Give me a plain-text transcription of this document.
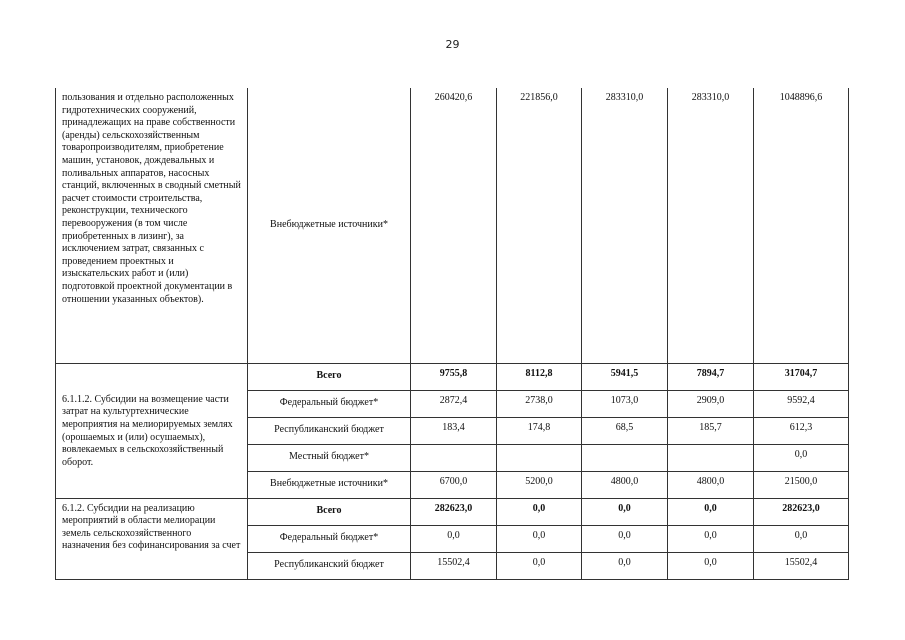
29
пользования и отдельно расположенных гидротехнических сооружений, принадлежащих на праве собственности (аренды) сельскохозяйственным товаропроизводителям, приобретение машин, установок, дождевальных и поливальных аппаратов, насосных станций, включенных в сводный сметный расчет стоимости строительства, реконструкции, технического перевооружения (в том числе приобретенных в лизинг), за исключением затрат, связанных с проведением проектных и изыскательских работ и (или) подготовкой проектной документации в отношении указанных объектов).	Внебюджетные источники*	260420,6	221856,0	283310,0	283310,0	1048896,6
6.1.1.2. Субсидии на возмещение части затрат на культуртехнические мероприятия на мелиорируемых землях (орошаемых и (или) осушаемых), вовлекаемых в сельскохозяйственный оборот.	Всего	9755,8	8112,8	5941,5	7894,7	31704,7
	Федеральный бюджет*	2872,4	2738,0	1073,0	2909,0	9592,4
	Республиканский бюджет	183,4	174,8	68,5	185,7	612,3
	Местный бюджет*					0,0
	Внебюджетные источники*	6700,0	5200,0	4800,0	4800,0	21500,0
6.1.2. Субсидии на реализацию мероприятий в области мелиорации земель сельскохозяйственного назначения без софинансирования за счет	Всего	282623,0	0,0	0,0	0,0	282623,0
	Федеральный бюджет*	0,0	0,0	0,0	0,0	0,0
	Республиканский бюджет	15502,4	0,0	0,0	0,0	15502,4
